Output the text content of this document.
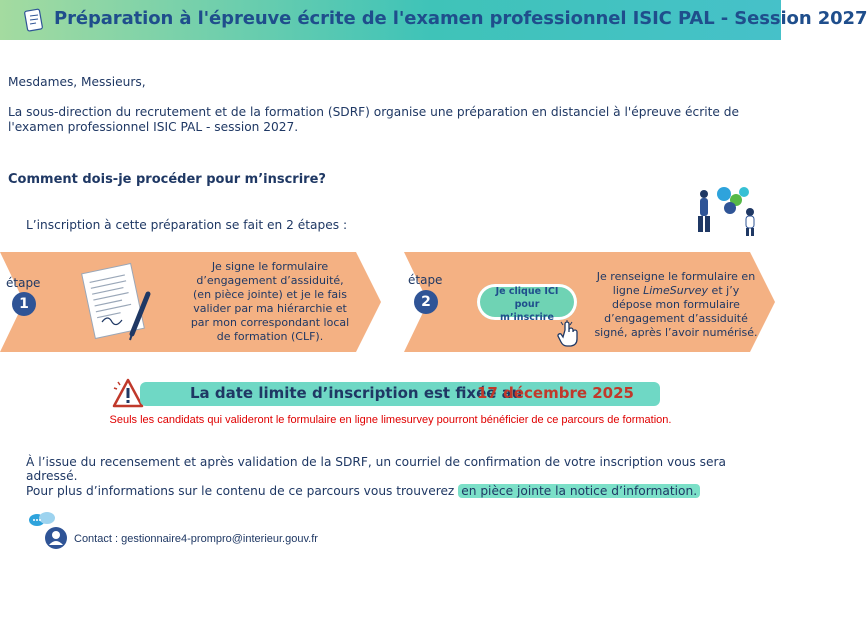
Préparation à l'épreuve écrite de l'examen professionnel ISIC PAL - Session 2027
Mesdames, Messieurs,
La sous-direction du recrutement et de la formation (SDRF) organise une préparation en distanciel à l'épreuve écrite de l'examen professionnel ISIC PAL - session 2027.
Comment dois-je procéder pour m’inscrire?
L’inscription à cette préparation se fait en 2 étapes :
étape
1
Je signe le formulaire d’engagement d’assiduité, (en pièce jointe) et je le fais valider par ma hiérarchie et par mon correspondant local de formation (CLF).
étape
2
Je clique ICI
pour
m’inscrire
Je renseigne le formulaire en ligne LimeSurvey et j’y dépose mon formulaire d’engagement d’assiduité signé, après l’avoir numérisé.
La date limite d’inscription est fixée au
17 décembre 2025
Seuls les candidats qui valideront le formulaire en ligne limesurvey pourront bénéficier de ce parcours de formation.
À l’issue du recensement et après validation de la SDRF, un courriel de confirmation de votre inscription vous sera adressé.
Pour plus d’informations sur le contenu de ce parcours vous trouverez en pièce jointe la notice d’information.
Contact : gestionnaire4-prompro@interieur.gouv.fr
